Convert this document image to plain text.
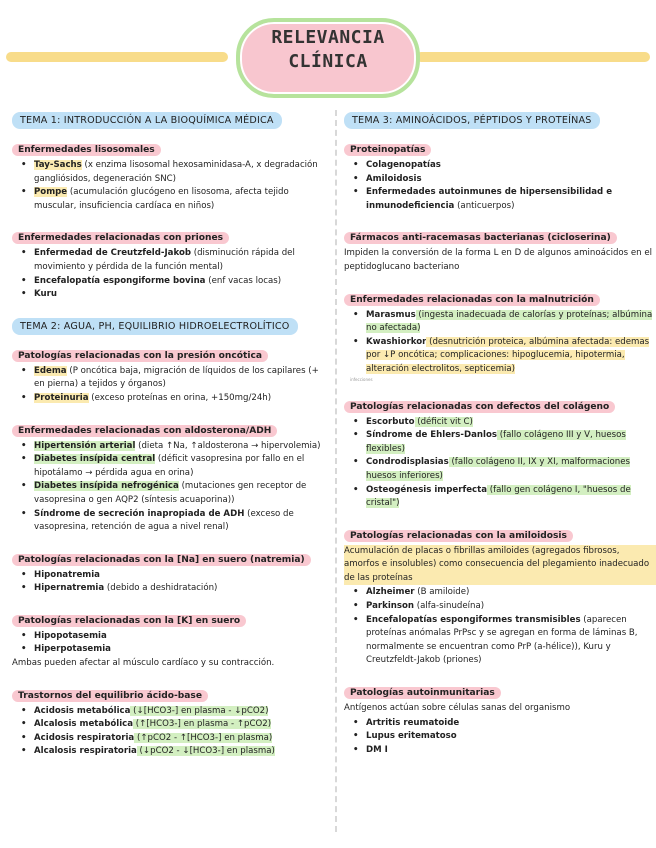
RELEVANCIA
CLÍNICA
TEMA 1: INTRODUCCIÓN A LA BIOQUÍMICA MÉDICA
Enfermedades lisosomales
• Tay-Sachs (x enzima lisosomal hexosaminidasa-A, x degradación gangliósidos, degeneración SNC)
• Pompe (acumulación glucógeno en lisosoma, afecta tejido muscular, insuficiencia cardíaca en niños)
Enfermedades relacionadas con priones
• Enfermedad de Creutzfeld-Jakob (disminución rápida del movimiento y pérdida de la función mental)
• Encefalopatía espongiforme bovina (enf vacas locas)
• Kuru
TEMA 2: AGUA, PH, EQUILIBRIO HIDROELECTROLÍTICO
Patologías relacionadas con la presión oncótica
• Edema (P oncótica baja, migración de líquidos de los capilares (+ en pierna) a tejidos y órganos)
• Proteinuria (exceso proteínas en orina, +150mg/24h)
Enfermedades relacionadas con aldosterona/ADH
• Hipertensión arterial (dieta ↑Na, ↑aldosterona → hipervolemia)
• Diabetes insípida central (déficit vasopresina por fallo en el hipotálamo → pérdida agua en orina)
• Diabetes insípida nefrogénica (mutaciones gen receptor de vasopresina o gen AQP2 (síntesis acuaporina))
• Síndrome de secreción inapropiada de ADH (exceso de vasopresina, retención de agua a nivel renal)
Patologías relacionadas con la [Na] en suero (natremia)
• Hiponatremia
• Hipernatremia (debido a deshidratación)
Patologías relacionadas con la [K] en suero
• Hipopotasemia
• Hiperpotasemia
Ambas pueden afectar al músculo cardíaco y su contracción.
Trastornos del equilibrio ácido-base
• Acidosis metabólica (↓[HCO3-] en plasma - ↓pCO2)
• Alcalosis metabólica (↑[HCO3-] en plasma - ↑pCO2)
• Acidosis respiratoria (↑pCO2 - ↑[HCO3-] en plasma)
• Alcalosis respiratoria (↓pCO2 - ↓[HCO3-] en plasma)
TEMA 3: AMINOÁCIDOS, PÉPTIDOS Y PROTEÍNAS
Proteinopatías
• Colagenopatías
• Amiloidosis
• Enfermedades autoinmunes de hipersensibilidad e inmunodeficiencia (anticuerpos)
Fármacos anti-racemasas bacterianas (cicloserina)
Impiden la conversión de la forma L en D de algunos aminoácidos en el peptidoglucano bacteriano
Enfermedades relacionadas con la malnutrición
• Marasmus (ingesta inadecuada de calorías y proteínas; albúmina no afectada)
• Kwashiorkor (desnutrición proteica, albúmina afectada: edemas por ↓P oncótica; complicaciones: hipoglucemia, hipotermia, alteración electrolitos, septicemia)
infecciones
Patologías relacionadas con defectos del colágeno
• Escorbuto (déficit vit C)
• Síndrome de Ehlers-Danlos (fallo colágeno III y V, huesos flexibles)
• Condrodisplasias (fallo colágeno II, IX y XI, malformaciones huesos inferiores)
• Osteogénesis imperfecta (fallo gen colágeno I, "huesos de cristal")
Patologías relacionadas con la amiloidosis
Acumulación de placas o fibrillas amiloides (agregados fibrosos, amorfos e insolubles) como consecuencia del plegamiento inadecuado de las proteínas
• Alzheimer (B amiloide)
• Parkinson (alfa-sinudeína)
• Encefalopatías espongiformes transmisibles (aparecen proteínas anómalas PrPsc y se agregan en forma de láminas B, normalmente se encuentran como PrP (a-hélice)), Kuru y Creutzfeldt-Jakob (priones)
Patologías autoinmunitarias
Antígenos actúan sobre células sanas del organismo
• Artritis reumatoide
• Lupus eritematoso
• DM I
